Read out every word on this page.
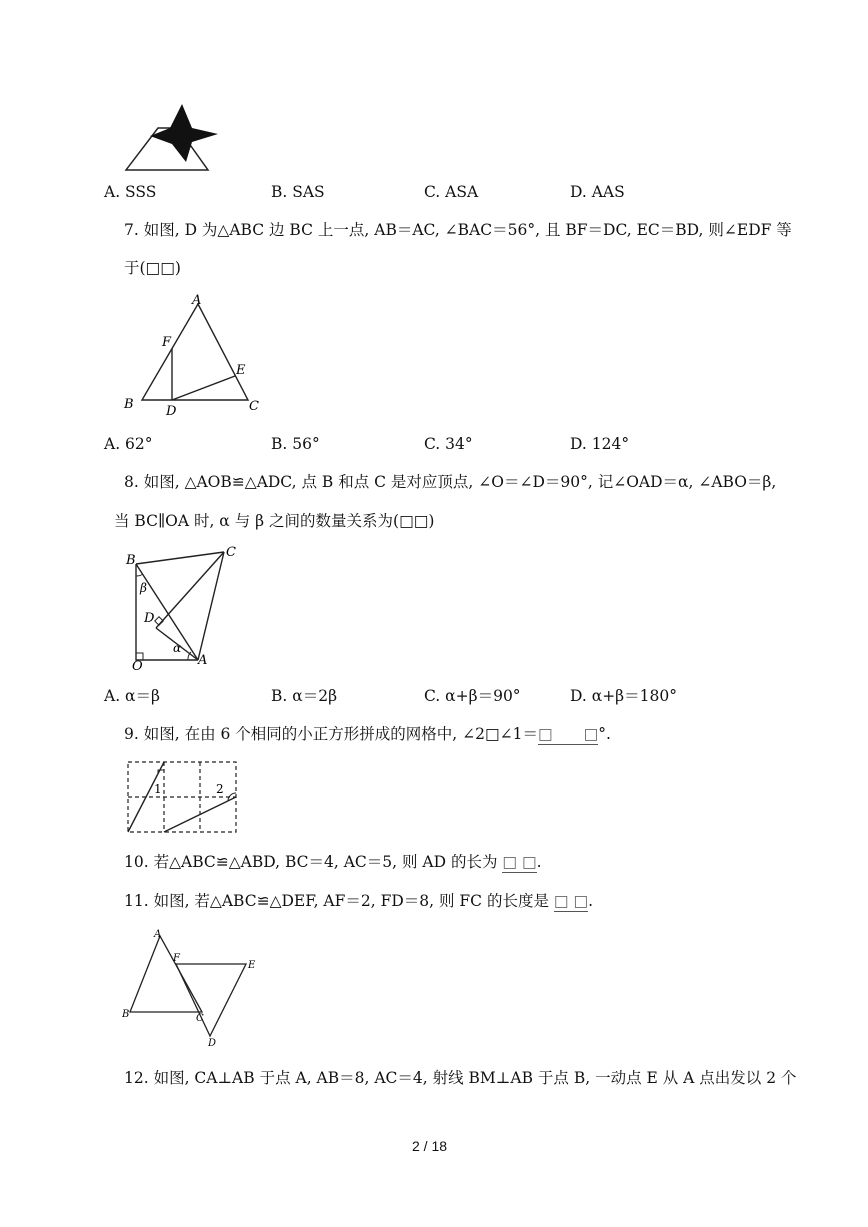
A. SSS	B. SAS	C. ASA	D. AAS
7. 如图, D 为△ABC 边 BC 上一点, AB＝AC, ∠BAC＝56°, 且 BF＝DC, EC＝BD, 则∠EDF 等
于(□□)
A
F
E
B D	C
A. 62°	B. 56°	C. 34°	D. 124°
8. 如图, △AOB≌△ADC, 点 B 和点 C 是对应顶点, ∠O＝∠D＝90°, 记∠OAD＝α, ∠ABO＝β,
当 BC∥OA 时, α 与 β 之间的数量关系为(□□)
B
C
β
D
α
O	A
A. α＝β	B. α＝2β	C. α+β＝90°	D. α+β＝180°
9. 如图, 在由 6 个相同的小正方形拼成的网格中, ∠2□∠1＝□　　□°.
1	2
10. 若△ABC≌△ABD, BC＝4, AC＝5, 则 AD 的长为 □ □.
11. 如图, 若△ABC≌△DEF, AF＝2, FD＝8, 则 FC 的长度是 □ □.
A
F
E
B	C
D
12. 如图, CA⊥AB 于点 A, AB＝8, AC＝4, 射线 BM⊥AB 于点 B, 一动点 E 从 A 点出发以 2 个
2 / 18
